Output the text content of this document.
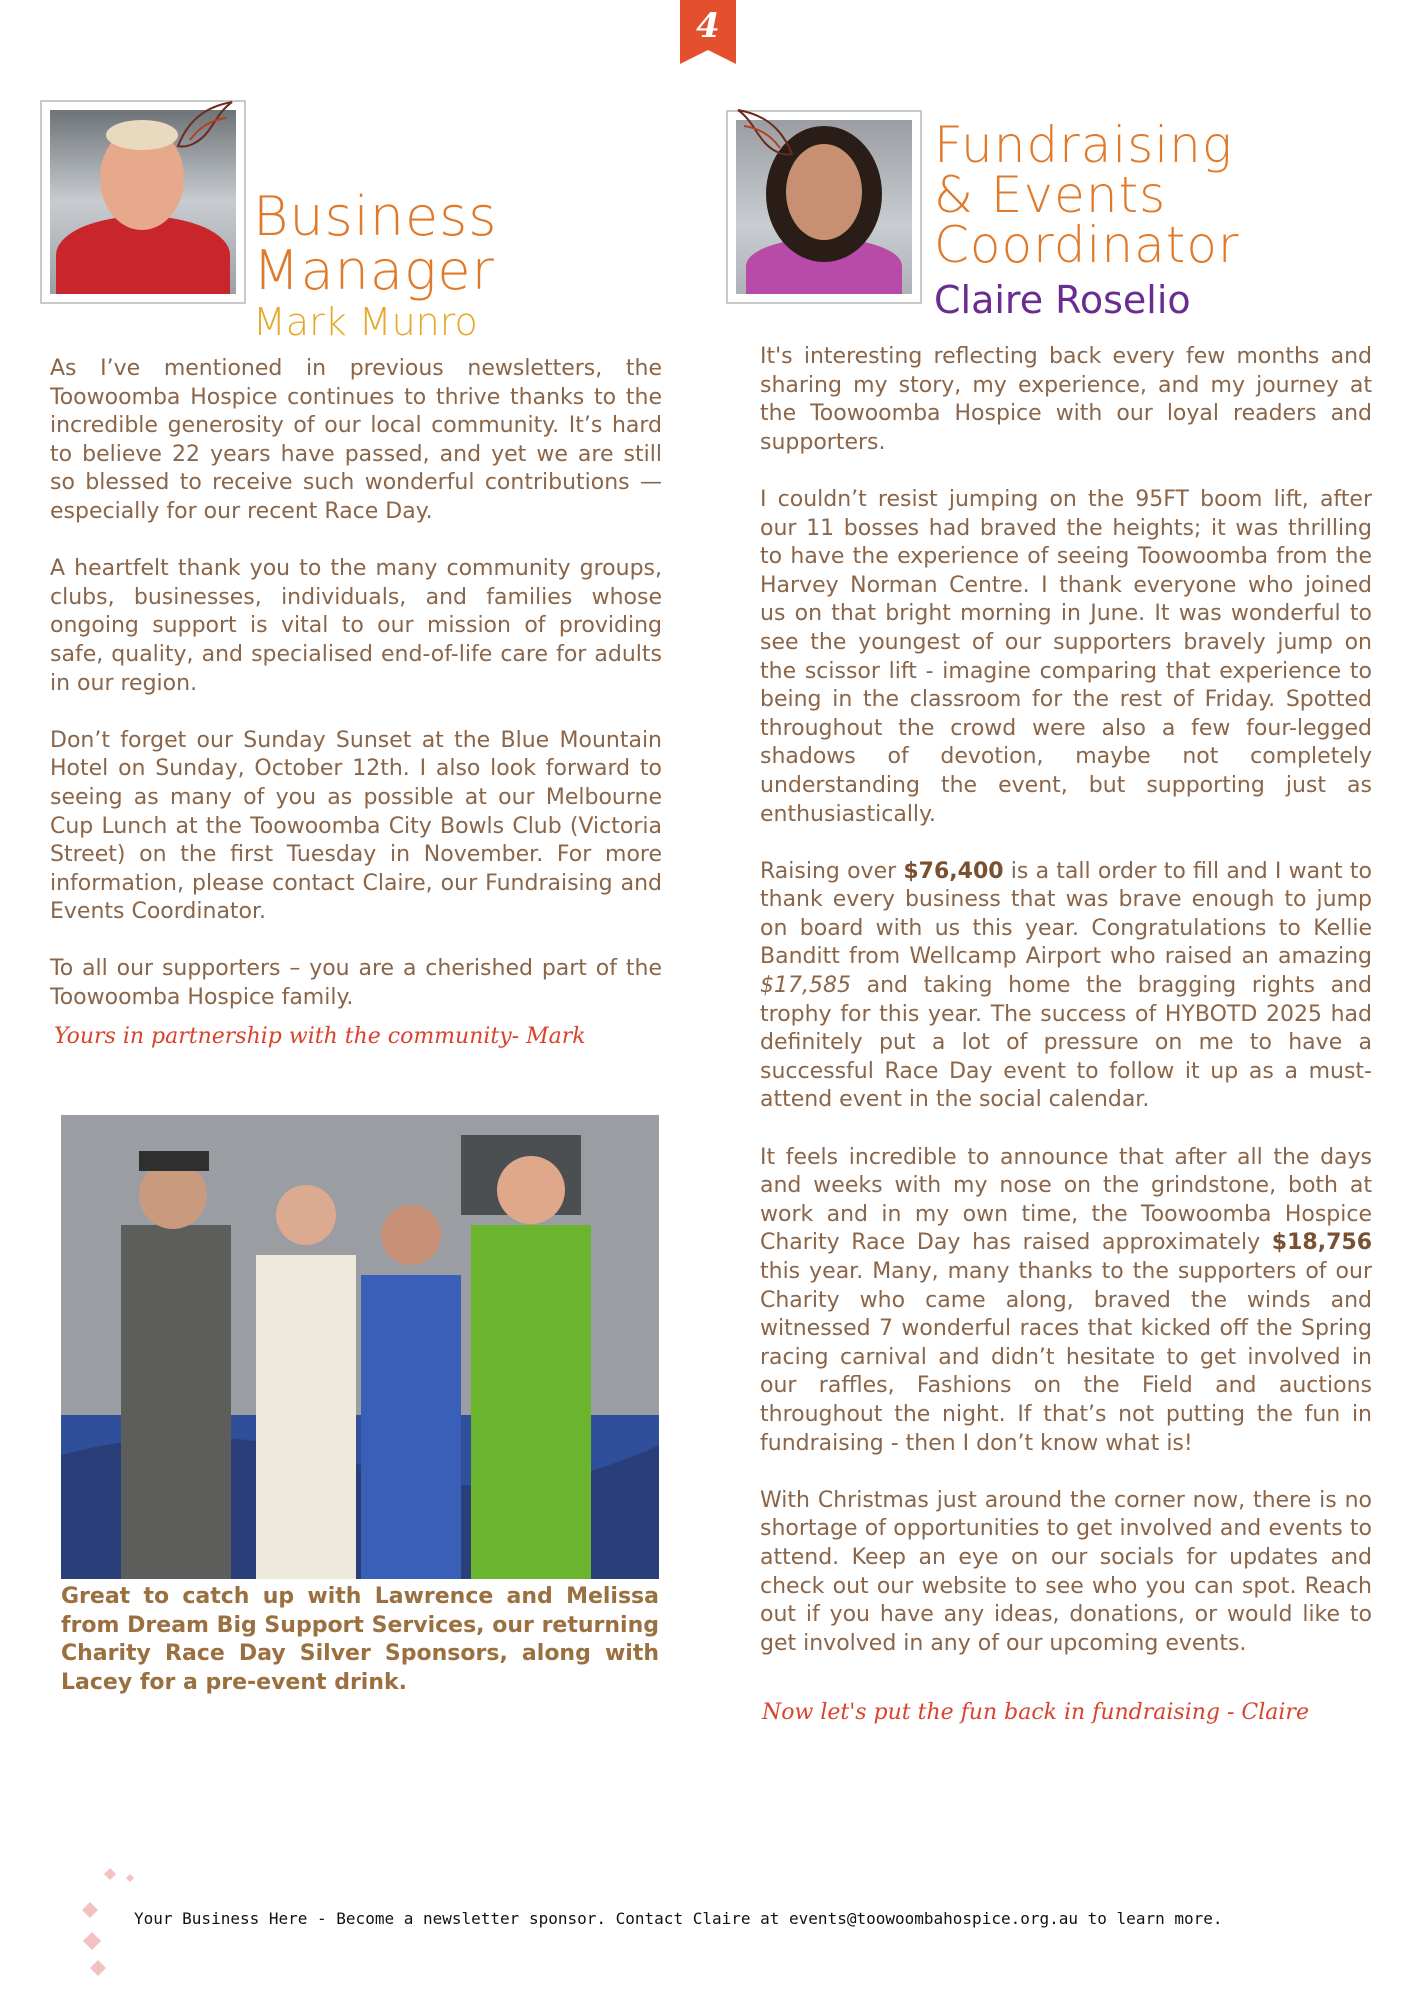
4

Business Manager

Mark Munro

Fundraising

& Events

Coordinator

Claire Roselio

As I’ve mentioned in previous newsletters, the Toowoomba Hospice continues to thrive thanks to the incredible generosity of our local community. It’s hard to believe 22 years have passed, and yet we are still so blessed to receive such wonderful contributions — especially for our recent Race Day.

A heartfelt thank you to the many community groups, clubs, businesses, individuals, and families whose ongoing support is vital to our mission of providing safe, quality, and specialised end-of-life care for adults in our region.

Don’t forget our Sunday Sunset at the Blue Mountain Hotel on Sunday, October 12th. I also look forward to seeing as many of you as possible at our Melbourne Cup Lunch at the Toowoomba City Bowls Club (Victoria Street) on the first Tuesday in November. For more information, please contact Claire, our Fundraising and Events Coordinator.

To all our supporters – you are a cherished part of the Toowoomba Hospice family.

Yours in partnership with the community- Mark
Great to catch up with Lawrence and Melissa from Dream Big Support Services, our returning Charity Race Day Silver Sponsors, along with Lacey for a pre-event drink.

It's interesting reflecting back every few months and sharing my story, my experience, and my journey at the Toowoomba Hospice with our loyal readers and supporters.

I couldn’t resist jumping on the 95FT boom lift, after our 11 bosses had braved the heights; it was thrilling to have the experience of seeing Toowoomba from the Harvey Norman Centre. I thank everyone who joined us on that bright morning in June. It was wonderful to see the youngest of our supporters bravely jump on the scissor lift - imagine comparing that experience to being in the classroom for the rest of Friday. Spotted throughout the crowd were also a few four-legged shadows of devotion, maybe not completely understanding the event, but supporting just as enthusiastically.

Raising over $76,400 is a tall order to fill and I want to thank every business that was brave enough to jump on board with us this year. Congratulations to Kellie Banditt from Wellcamp Airport who raised an amazing $17,585 and taking home the bragging rights and trophy for this year. The success of HYBOTD 2025 had definitely put a lot of pressure on me to have a successful Race Day event to follow it up as a must-attend event in the social calendar.

It feels incredible to announce that after all the days and weeks with my nose on the grindstone, both at work and in my own time, the Toowoomba Hospice Charity Race Day has raised approximately $18,756 this year. Many, many thanks to the supporters of our Charity who came along, braved the winds and witnessed 7 wonderful races that kicked off the Spring racing carnival and didn’t hesitate to get involved in our raffles, Fashions on the Field and auctions throughout the night. If that’s not putting the fun in fundraising - then I don’t know what is!

With Christmas just around the corner now, there is no shortage of opportunities to get involved and events to attend. Keep an eye on our socials for updates and check out our website to see who you can spot. Reach out if you have any ideas, donations, or would like to get involved in any of our upcoming events.

Now let's put the fun back in fundraising - Claire
Your Business Here - Become a newsletter sponsor. Contact Claire at events@toowoombahospice.org.au to learn more.
